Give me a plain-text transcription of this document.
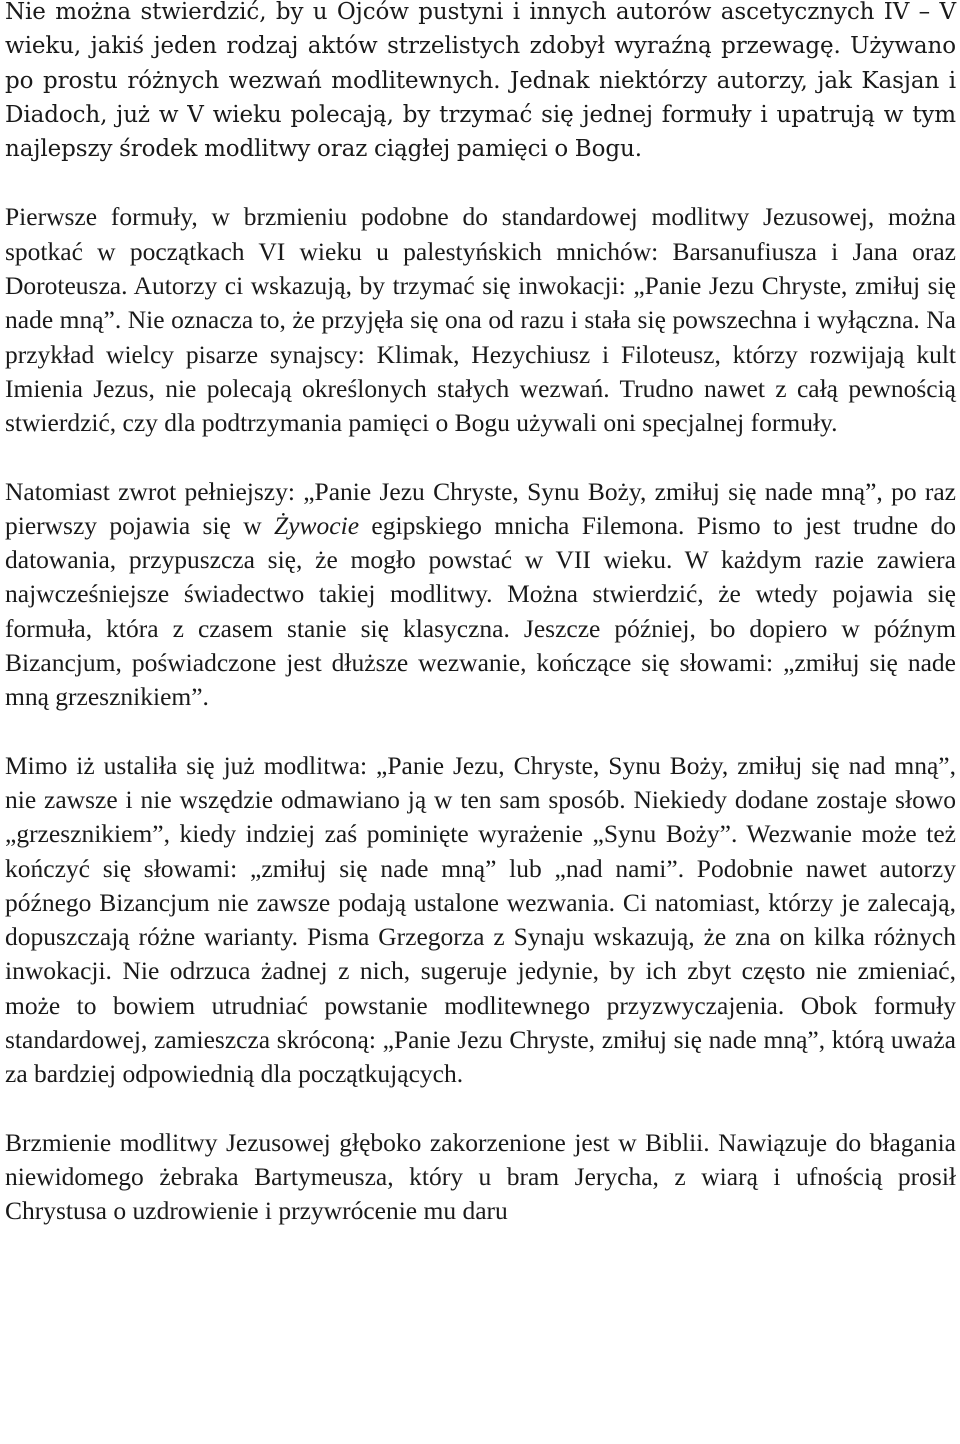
Nie można stwierdzić, by u Ojców pustyni i innych autorów ascetycznych IV – V wieku, jakiś jeden rodzaj aktów strzelistych zdobył wyraźną przewagę. Używano po prostu różnych wezwań modlitewnych. Jednak niektórzy autorzy, jak Kasjan i Diadoch, już w V wieku polecają, by trzymać się jednej formuły i upatrują w tym najlepszy środek modlitwy oraz ciągłej pamięci o Bogu.

Pierwsze formuły, w brzmieniu podobne do standardowej modlitwy Jezusowej, można spotkać w początkach VI wieku u palestyńskich mnichów: Barsanufiusza i Jana oraz Doroteusza. Autorzy ci wskazują, by trzymać się inwokacji: „Panie Jezu Chryste, zmiłuj się nade mną”. Nie oznacza to, że przyjęła się ona od razu i stała się powszechna i wyłączna. Na przykład wielcy pisarze synajscy: Klimak, Hezychiusz i Filoteusz, którzy rozwijają kult Imienia Jezus, nie polecają określonych stałych wezwań. Trudno nawet z całą pewnością stwierdzić, czy dla podtrzymania pamięci o Bogu używali oni specjalnej formuły.

Natomiast zwrot pełniejszy: „Panie Jezu Chryste, Synu Boży, zmiłuj się nade mną”, po raz pierwszy pojawia się w Żywocie egipskiego mnicha Filemona. Pismo to jest trudne do datowania, przypuszcza się, że mogło powstać w VII wieku. W każdym razie zawiera najwcześniejsze świadectwo takiej modlitwy. Można stwierdzić, że wtedy pojawia się formuła, która z czasem stanie się klasyczna. Jeszcze później, bo dopiero w późnym Bizancjum, poświadczone jest dłuższe wezwanie, kończące się słowami: „zmiłuj się nade mną grzesznikiem”.

Mimo iż ustaliła się już modlitwa: „Panie Jezu, Chryste, Synu Boży, zmiłuj się nad mną”, nie zawsze i nie wszędzie odmawiano ją w ten sam sposób. Niekiedy dodane zostaje słowo „grzesznikiem”, kiedy indziej zaś pominięte wyrażenie „Synu Boży”. Wezwanie może też kończyć się słowami: „zmiłuj się nade mną” lub „nad nami”. Podobnie nawet autorzy późnego Bizancjum nie zawsze podają ustalone wezwania. Ci natomiast, którzy je zalecają, dopuszczają różne warianty. Pisma Grzegorza z Synaju wskazują, że zna on kilka różnych inwokacji. Nie odrzuca żadnej z nich, sugeruje jedynie, by ich zbyt często nie zmieniać, może to bowiem utrudniać powstanie modlitewnego przyzwyczajenia. Obok formuły standardowej, zamieszcza skróconą: „Panie Jezu Chryste, zmiłuj się nade mną”, którą uważa za bardziej odpowiednią dla początkujących.

Brzmienie modlitwy Jezusowej głęboko zakorzenione jest w Biblii. Nawiązuje do błagania niewidomego żebraka Bartymeusza, który u bram Jerycha, z wiarą i ufnością prosił Chrystusa o uzdrowienie i przywrócenie mu daru
